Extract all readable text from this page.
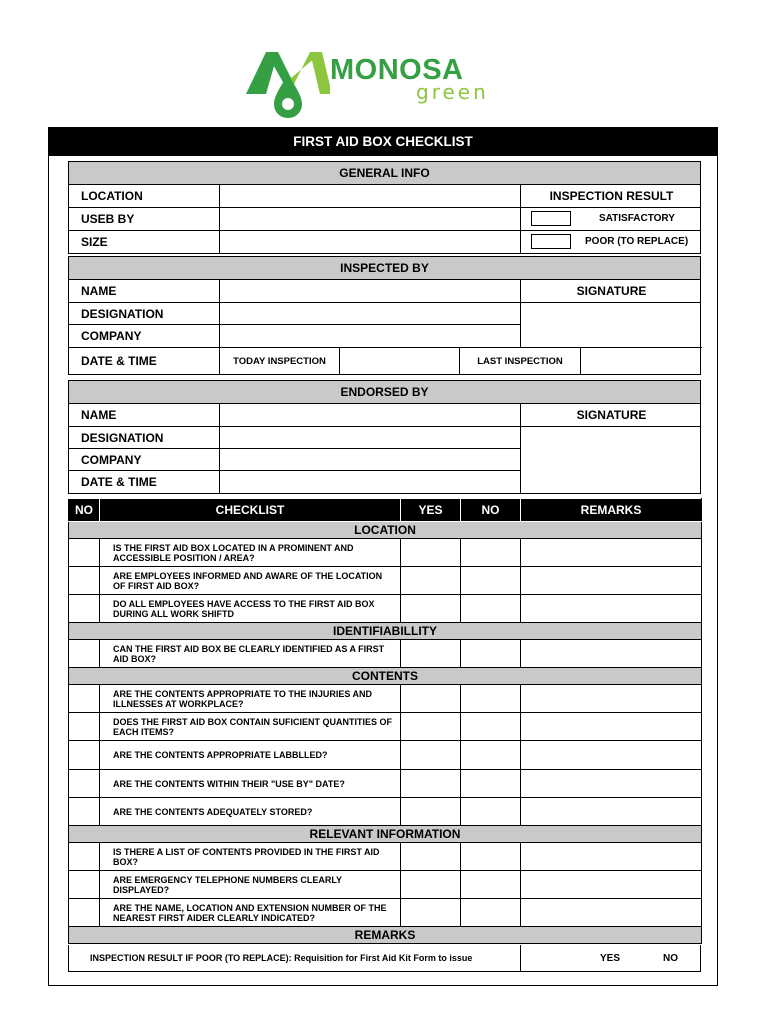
MONOSA
green
FIRST AID BOX CHECKLIST
GENERAL INFO
LOCATION	INSPECTION RESULT
USEB BY	SATISFACTORY
SIZE	POOR (TO REPLACE)
INSPECTED BY
NAME	SIGNATURE
DESIGNATION
COMPANY
DATE & TIME	TODAY INSPECTION	LAST INSPECTION
ENDORSED BY
NAME	SIGNATURE
DESIGNATION
COMPANY
DATE & TIME
NO	CHECKLIST	YES	NO	REMARKS
LOCATION				
	IS THE FIRST AID BOX LOCATED IN A PROMINENT AND ACCESSIBLE POSITION / AREA?			
	ARE EMPLOYEES INFORMED AND AWARE OF THE LOCATION OF FIRST AID BOX?			
	DO ALL EMPLOYEES HAVE ACCESS TO THE FIRST AID BOX DURING ALL WORK SHIFTD			
IDENTIFIABILLITY				
	CAN THE FIRST AID BOX BE CLEARLY IDENTIFIED AS A FIRST AID BOX?			
CONTENTS				
	ARE THE CONTENTS APPROPRIATE TO THE INJURIES AND ILLNESSES AT WORKPLACE?			
	DOES THE FIRST AID BOX CONTAIN SUFICIENT QUANTITIES OF EACH ITEMS?			
	ARE THE CONTENTS APPROPRIATE LABBLLED?			
	ARE THE CONTENTS WITHIN THEIR "USE BY" DATE?			
	ARE THE CONTENTS ADEQUATELY STORED?			
RELEVANT INFORMATION				
	IS THERE A LIST OF CONTENTS PROVIDED IN THE FIRST AID BOX?			
	ARE EMERGENCY TELEPHONE NUMBERS CLEARLY DISPLAYED?			
	ARE THE NAME, LOCATION AND EXTENSION NUMBER OF THE NEAREST FIRST AIDER CLEARLY INDICATED?			
REMARKS				
INSPECTION RESULT IF POOR (TO REPLACE): Requisition for First Aid Kit Form to issue	YES	NO
